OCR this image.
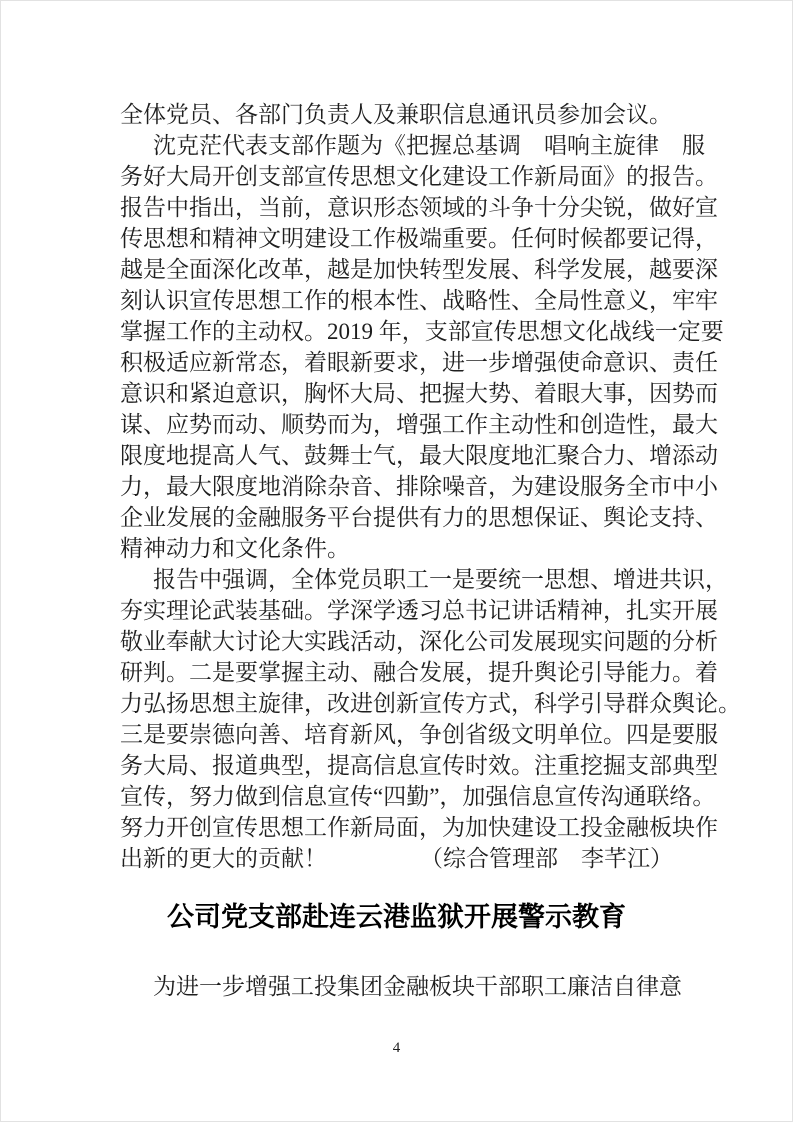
全体党员、各部门负责人及兼职信息通讯员参加会议。
沈克茫代表支部作题为《把握总基调　唱响主旋律　服
务好大局开创支部宣传思想文化建设工作新局面》的报告。
报告中指出，当前，意识形态领域的斗争十分尖锐，做好宣
传思想和精神文明建设工作极端重要。任何时候都要记得，
越是全面深化改革，越是加快转型发展、科学发展，越要深
刻认识宣传思想工作的根本性、战略性、全局性意义，牢牢
掌握工作的主动权。2019 年，支部宣传思想文化战线一定要
积极适应新常态，着眼新要求，进一步增强使命意识、责任
意识和紧迫意识，胸怀大局、把握大势、着眼大事，因势而
谋、应势而动、顺势而为，增强工作主动性和创造性，最大
限度地提高人气、鼓舞士气，最大限度地汇聚合力、增添动
力，最大限度地消除杂音、排除噪音，为建设服务全市中小
企业发展的金融服务平台提供有力的思想保证、舆论支持、
精神动力和文化条件。
报告中强调，全体党员职工一是要统一思想、增进共识，
夯实理论武装基础。学深学透习总书记讲话精神，扎实开展
敬业奉献大讨论大实践活动，深化公司发展现实问题的分析
研判。二是要掌握主动、融合发展，提升舆论引导能力。着
力弘扬思想主旋律，改进创新宣传方式，科学引导群众舆论。
三是要崇德向善、培育新风，争创省级文明单位。四是要服
务大局、报道典型，提高信息宣传时效。注重挖掘支部典型
宣传，努力做到信息宣传“四勤”，加强信息宣传沟通联络。
努力开创宣传思想工作新局面，为加快建设工投金融板块作
出新的更大的贡献！	（综合管理部　李芊江）
公司党支部赴连云港监狱开展警示教育
为进一步增强工投集团金融板块干部职工廉洁自律意
4
